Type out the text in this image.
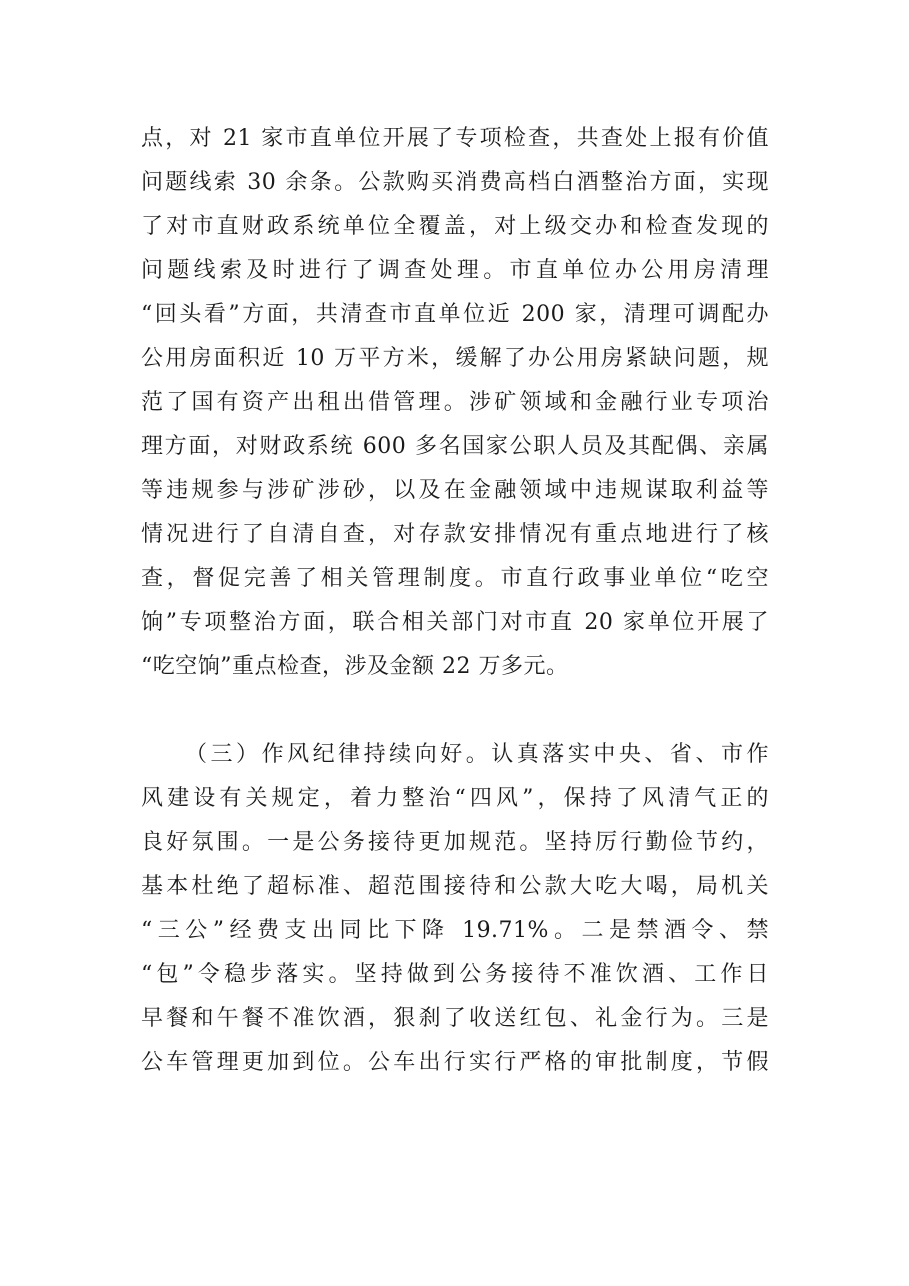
点，对 21 家市直单位开展了专项检查，共查处上报有价值
问题线索 30 余条。公款购买消费高档白酒整治方面，实现
了对市直财政系统单位全覆盖，对上级交办和检查发现的
问题线索及时进行了调查处理。市直单位办公用房清理
“回头看”方面，共清查市直单位近 200 家，清理可调配办
公用房面积近 10 万平方米，缓解了办公用房紧缺问题，规
范了国有资产出租出借管理。涉矿领域和金融行业专项治
理方面，对财政系统 600 多名国家公职人员及其配偶、亲属
等违规参与涉矿涉砂，以及在金融领域中违规谋取利益等
情况进行了自清自查，对存款安排情况有重点地进行了核
查，督促完善了相关管理制度。市直行政事业单位“吃空
饷”专项整治方面，联合相关部门对市直 20 家单位开展了
“吃空饷”重点检查，涉及金额 22 万多元。
（三）作风纪律持续向好。认真落实中央、省、市作
风建设有关规定，着力整治“四风”，保持了风清气正的
良好氛围。一是公务接待更加规范。坚持厉行勤俭节约，
基本杜绝了超标准、超范围接待和公款大吃大喝，局机关
“三公”经费支出同比下降 19.71%。二是禁酒令、禁
“包”令稳步落实。坚持做到公务接待不准饮酒、工作日
早餐和午餐不准饮酒，狠刹了收送红包、礼金行为。三是
公车管理更加到位。公车出行实行严格的审批制度，节假
